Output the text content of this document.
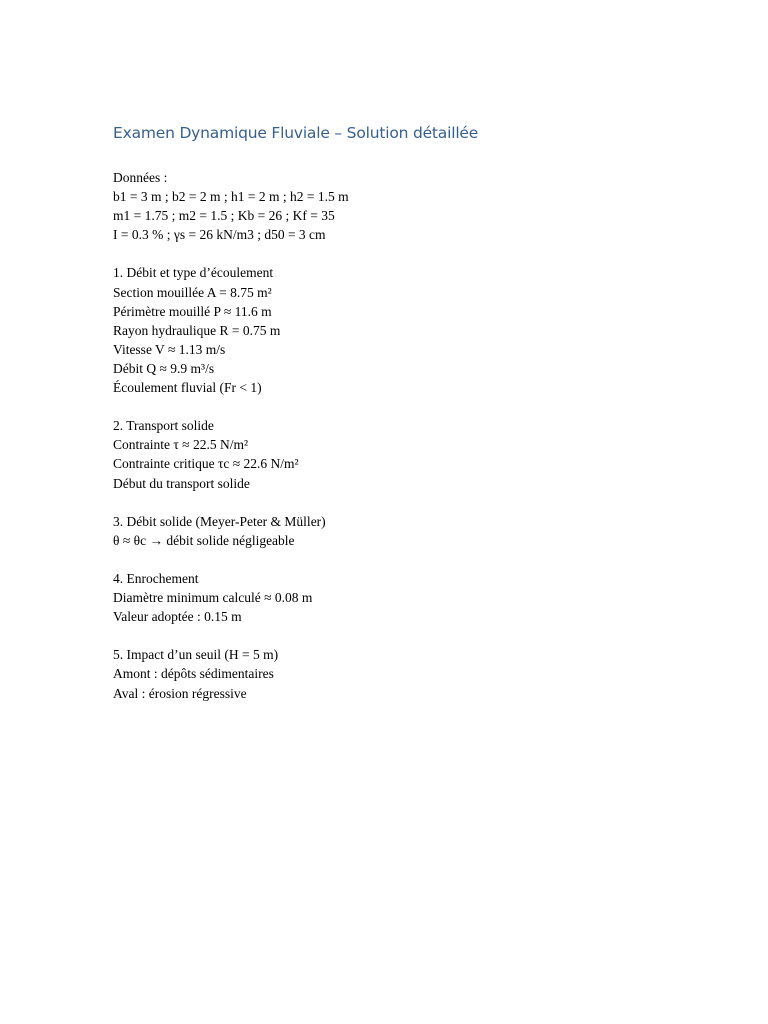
Examen Dynamique Fluviale – Solution détaillée
Données :
b1 = 3 m ; b2 = 2 m ; h1 = 2 m ; h2 = 1.5 m
m1 = 1.75 ; m2 = 1.5 ; Kb = 26 ; Kf = 35
I = 0.3 % ; γs = 26 kN/m3 ; d50 = 3 cm
1. Débit et type d’écoulement
Section mouillée A = 8.75 m²
Périmètre mouillé P ≈ 11.6 m
Rayon hydraulique R = 0.75 m
Vitesse V ≈ 1.13 m/s
Débit Q ≈ 9.9 m³/s
Écoulement fluvial (Fr < 1)
2. Transport solide
Contrainte τ ≈ 22.5 N/m²
Contrainte critique τc ≈ 22.6 N/m²
Début du transport solide
3. Débit solide (Meyer-Peter & Müller)
θ ≈ θc → débit solide négligeable
4. Enrochement
Diamètre minimum calculé ≈ 0.08 m
Valeur adoptée : 0.15 m
5. Impact d’un seuil (H = 5 m)
Amont : dépôts sédimentaires
Aval : érosion régressive
